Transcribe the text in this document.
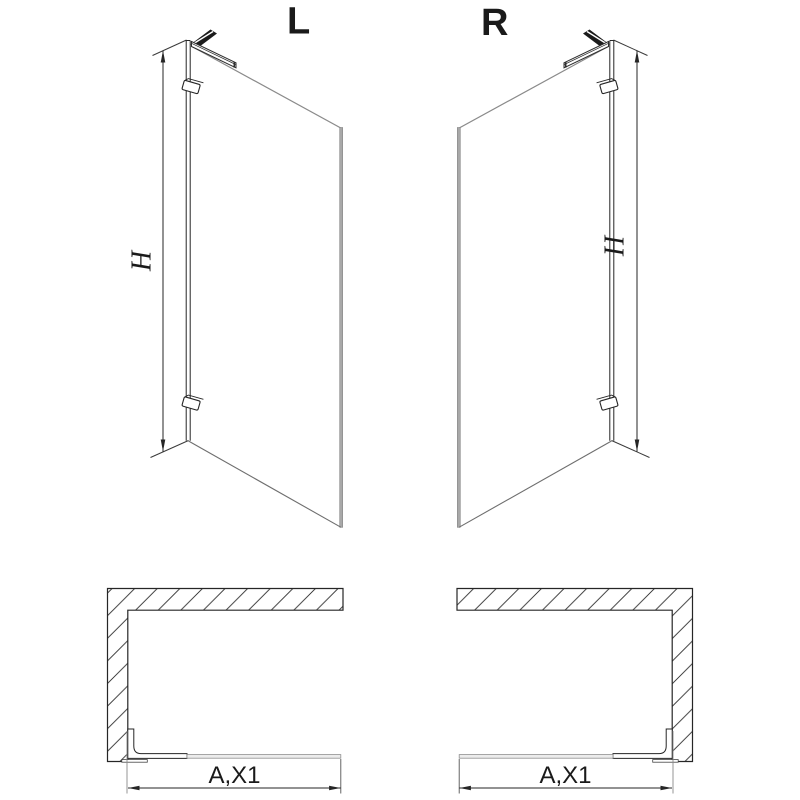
L	R
H
H
A,X1	A,X1
